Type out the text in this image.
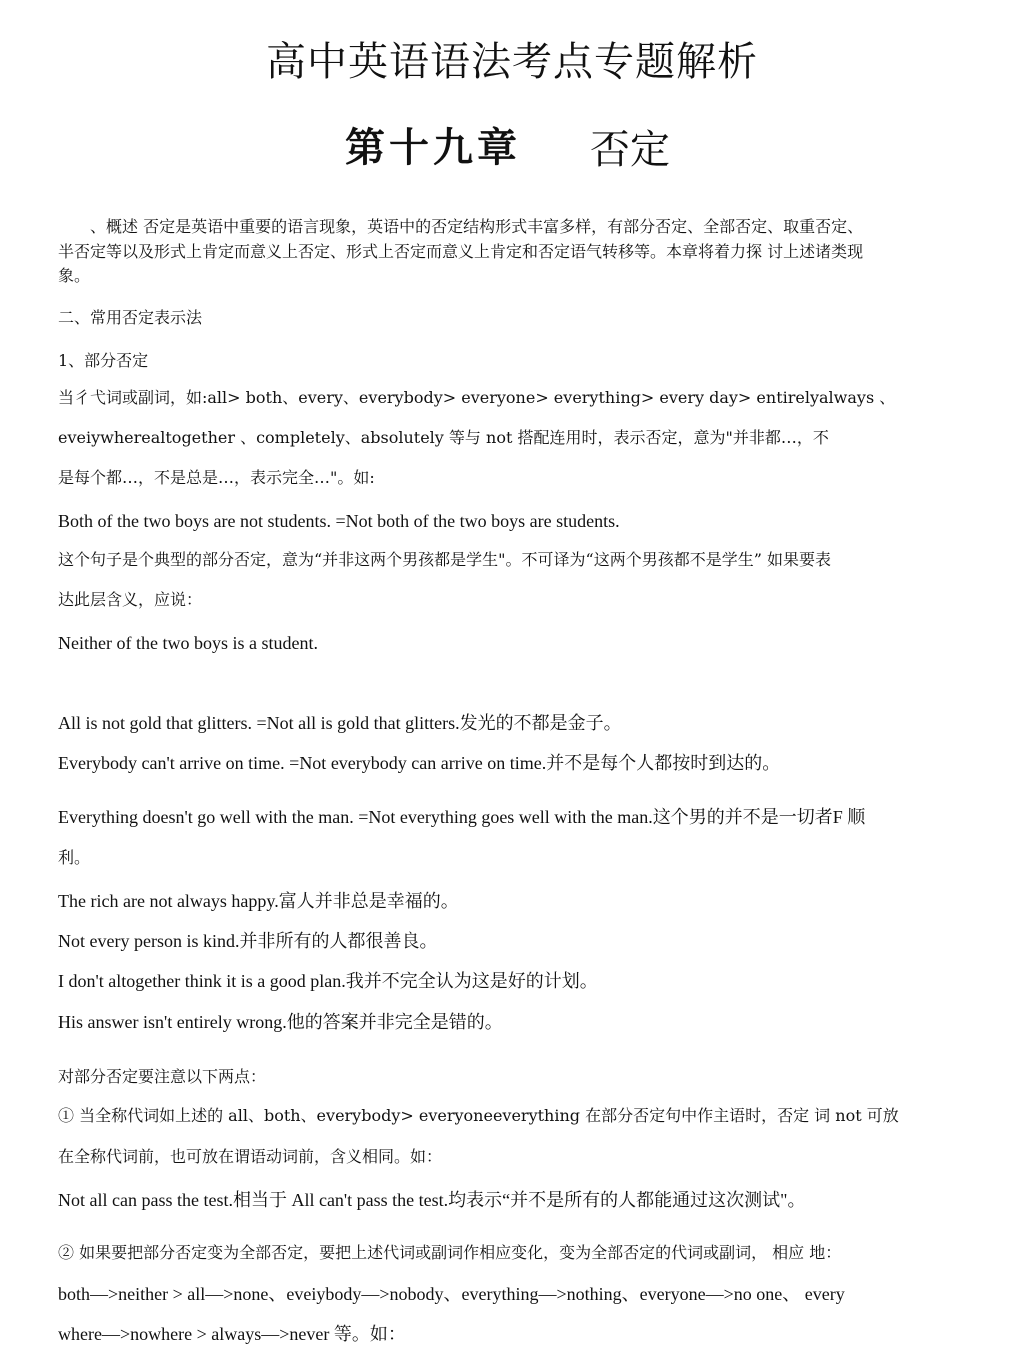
高中英语语法考点专题解析
第十九章 否定
、概述 否定是英语中重要的语言现象，英语中的否定结构形式丰富多样，有部分否定、全部否定、取重否定、
半否定等以及形式上肯定而意义上否定、形式上否定而意义上肯定和否定语气转移等。本章将着力探 讨上述诸类现
象。
二、常用否定表示法
1、部分否定
当彳弋词或副词，如:all> both、every、everybody> everyone> everything> every day> entirelyalways 、
eveiywherealtogether 、completely、absolutely 等与 not 搭配连用时，表示否定，意为"并非都…，不
是每个都…，不是总是…，表示完全…"。如:
Both of the two boys are not students. =Not both of the two boys are students.
这个句子是个典型的部分否定，意为“并非这两个男孩都是学生"。不可译为“这两个男孩都不是学生” 如果要表
达此层含义，应说：
Neither of the two boys is a student.
All is not gold that glitters. =Not all is gold that glitters.发光的不都是金子。
Everybody can't arrive on time. =Not everybody can arrive on time.并不是每个人都按时到达的。
Everything doesn't go well with the man. =Not everything goes well with the man.这个男的并不是一切者F 顺
利。
The rich are not always happy.富人并非总是幸福的。
Not every person is kind.并非所有的人都很善良。
I don't altogether think it is a good plan.我并不完全认为这是好的计划。
His answer isn't entirely wrong.他的答案并非完全是错的。
对部分否定要注意以下两点：
① 当全称代词如上述的 all、both、everybody> everyoneeverything 在部分否定句中作主语时，否定 词 not 可放
在全称代词前，也可放在谓语动词前，含义相同。如：
Not all can pass the test.相当于 All can't pass the test.均表示“并不是所有的人都能通过这次测试"。
② 如果要把部分否定变为全部否定，要把上述代词或副词作相应变化，变为全部否定的代词或副词， 相应 地：
both—>neither > all—>none、eveiybody—>nobody、everything—>nothing、everyone—>no one、 every
where—>nowhere > always—>never 等。如：
